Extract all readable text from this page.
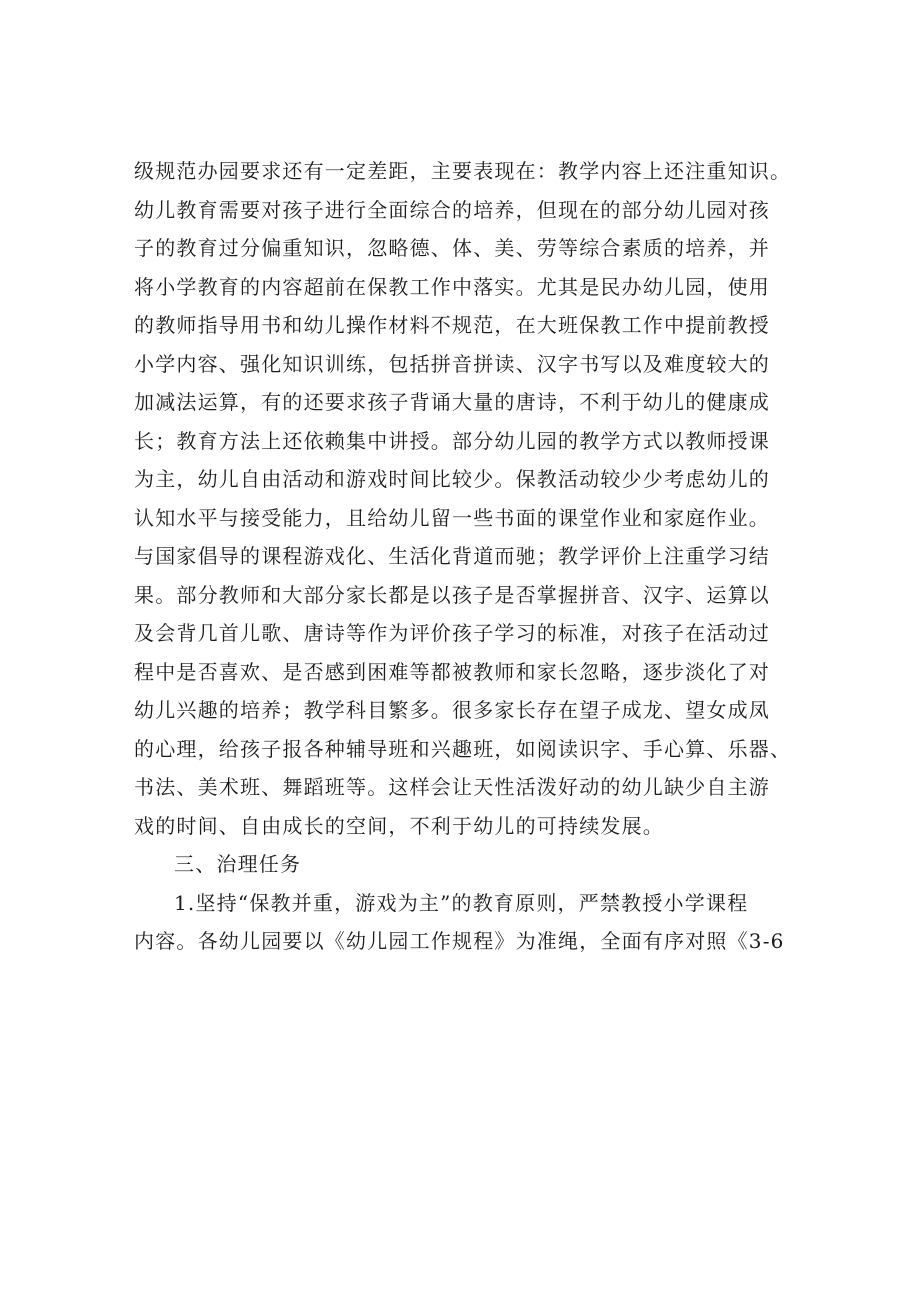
级规范办园要求还有一定差距，主要表现在：教学内容上还注重知识。
幼儿教育需要对孩子进行全面综合的培养，但现在的部分幼儿园对孩
子的教育过分偏重知识，忽略德、体、美、劳等综合素质的培养，并
将小学教育的内容超前在保教工作中落实。尤其是民办幼儿园，使用
的教师指导用书和幼儿操作材料不规范，在大班保教工作中提前教授
小学内容、强化知识训练，包括拼音拼读、汉字书写以及难度较大的
加减法运算，有的还要求孩子背诵大量的唐诗，不利于幼儿的健康成
长；教育方法上还依赖集中讲授。部分幼儿园的教学方式以教师授课
为主，幼儿自由活动和游戏时间比较少。保教活动较少少考虑幼儿的
认知水平与接受能力，且给幼儿留一些书面的课堂作业和家庭作业。
与国家倡导的课程游戏化、生活化背道而驰；教学评价上注重学习结
果。部分教师和大部分家长都是以孩子是否掌握拼音、汉字、运算以
及会背几首儿歌、唐诗等作为评价孩子学习的标准，对孩子在活动过
程中是否喜欢、是否感到困难等都被教师和家长忽略，逐步淡化了对
幼儿兴趣的培养；教学科目繁多。很多家长存在望子成龙、望女成凤
的心理，给孩子报各种辅导班和兴趣班，如阅读识字、手心算、乐器、
书法、美术班、舞蹈班等。这样会让天性活泼好动的幼儿缺少自主游
戏的时间、自由成长的空间，不利于幼儿的可持续发展。
三、治理任务
1.坚持“保教并重，游戏为主”的教育原则，严禁教授小学课程
内容。各幼儿园要以《幼儿园工作规程》为准绳，全面有序对照《3-6
